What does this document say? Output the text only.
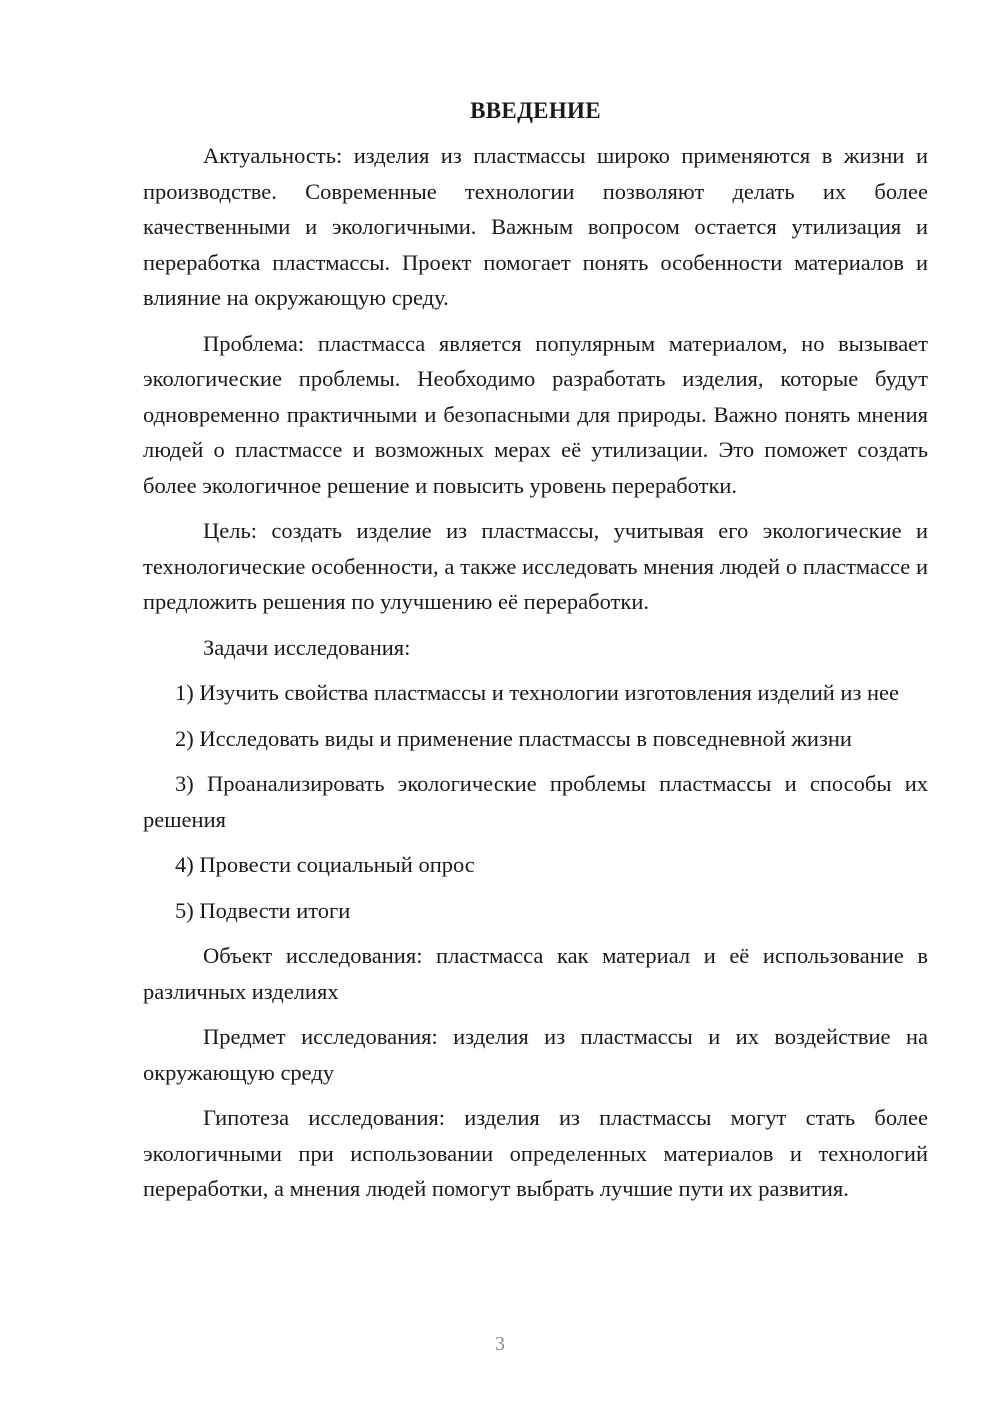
ВВЕДЕНИЕ

Актуальность: изделия из пластмассы широко применяются в жизни и производстве. Современные технологии позволяют делать их более качественными и экологичными. Важным вопросом остается утилизация и переработка пластмассы. Проект помогает понять особенности материалов и влияние на окружающую среду.

Проблема: пластмасса является популярным материалом, но вызывает экологические проблемы. Необходимо разработать изделия, которые будут одновременно практичными и безопасными для природы. Важно понять мнения людей о пластмассе и возможных мерах её утилизации. Это поможет создать более экологичное решение и повысить уровень переработки.

Цель: создать изделие из пластмассы, учитывая его экологические и технологические особенности, а также исследовать мнения людей о пластмассе и предложить решения по улучшению её переработки.

Задачи исследования:

1) Изучить свойства пластмассы и технологии изготовления изделий из нее

2) Исследовать виды и применение пластмассы в повседневной жизни

3) Проанализировать экологические проблемы пластмассы и способы их решения

4) Провести социальный опрос

5) Подвести итоги

Объект исследования: пластмасса как материал и её использование в различных изделиях

Предмет исследования: изделия из пластмассы и их воздействие на окружающую среду

Гипотеза исследования: изделия из пластмассы могут стать более экологичными при использовании определенных материалов и технологий переработки, а мнения людей помогут выбрать лучшие пути их развития.

3
